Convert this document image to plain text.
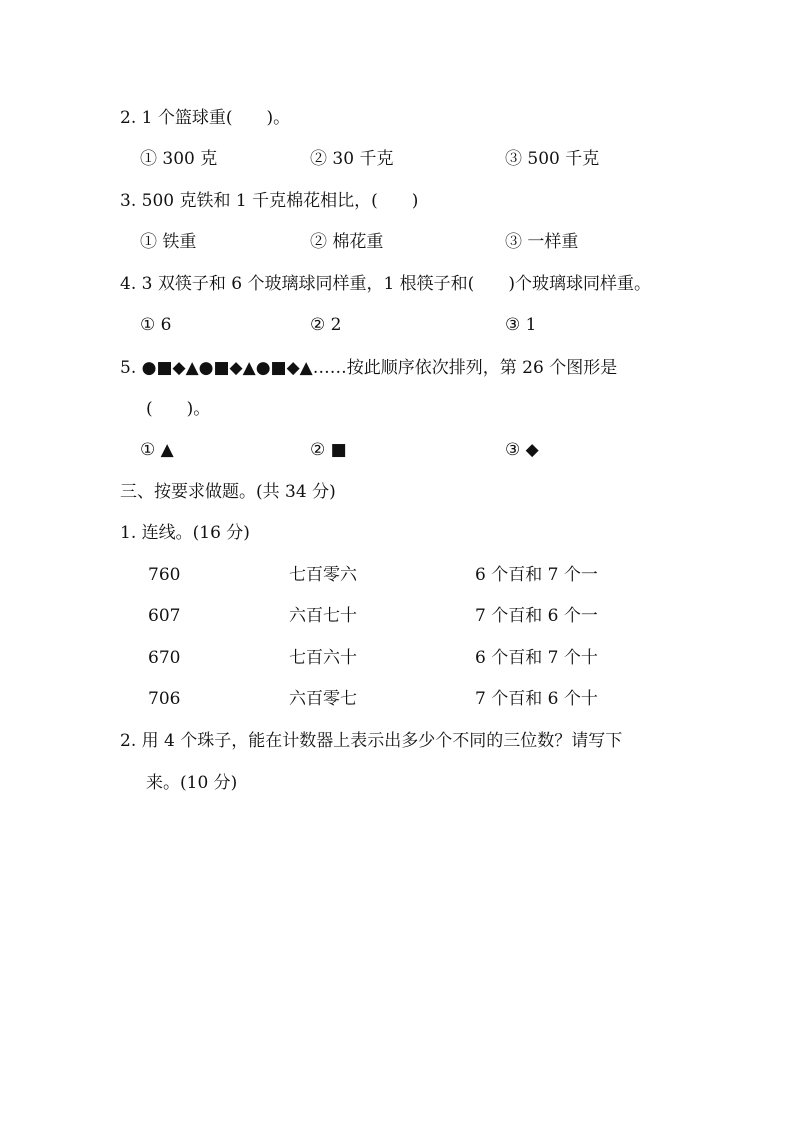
2. 1 个篮球重(　　)。
① 300 克	② 30 千克	③ 500 千克
3. 500 克铁和 1 千克棉花相比，(　　)
① 铁重	② 棉花重	③ 一样重
4. 3 双筷子和 6 个玻璃球同样重，1 根筷子和(　　)个玻璃球同样重。
① 6	② 2	③ 1
5. ●■◆▲●■◆▲●■◆▲……按此顺序依次排列，第 26 个图形是
(　　)。
① ▲	② ■	③ ◆
三、按要求做题。(共 34 分)
1. 连线。(16 分)
760	七百零六	6 个百和 7 个一
607	六百七十	7 个百和 6 个一
670	七百六十	6 个百和 7 个十
706	六百零七	7 个百和 6 个十
2. 用 4 个珠子，能在计数器上表示出多少个不同的三位数？请写下
来。(10 分)
